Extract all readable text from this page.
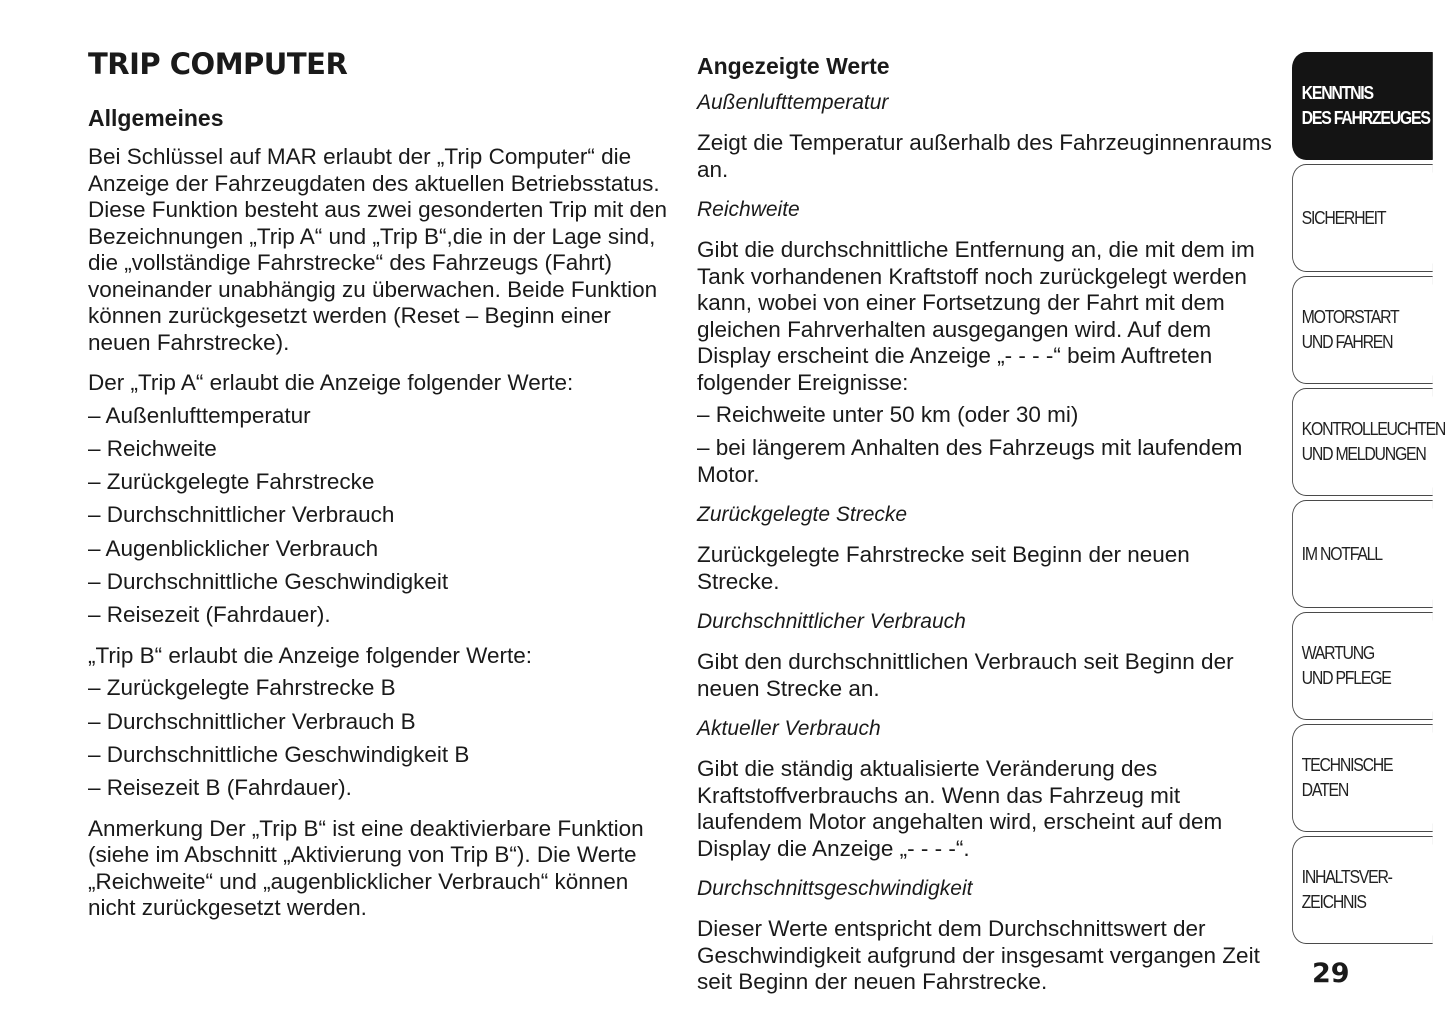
TRIP COMPUTER
Allgemeines

Bei Schlüssel auf MAR erlaubt der „Trip Computer“ die Anzeige der Fahrzeugdaten des aktuellen Betriebsstatus. Diese Funktion besteht aus zwei gesonderten Trip mit den Bezeichnungen „Trip A“ und „Trip B“,die in der Lage sind, die „vollständige Fahrstrecke“ des Fahrzeugs (Fahrt) voneinander unabhängig zu überwachen. Beide Funktion können zurückgesetzt werden (Reset – Beginn einer neuen Fahrstrecke).

Der „Trip A“ erlaubt die Anzeige folgender Werte:

– Außenlufttemperatur
– Reichweite
– Zurückgelegte Fahrstrecke
– Durchschnittlicher Verbrauch
– Augenblicklicher Verbrauch
– Durchschnittliche Geschwindigkeit
– Reisezeit (Fahrdauer).

„Trip B“ erlaubt die Anzeige folgender Werte:

– Zurückgelegte Fahrstrecke B
– Durchschnittlicher Verbrauch B
– Durchschnittliche Geschwindigkeit B
– Reisezeit B (Fahrdauer).

Anmerkung Der „Trip B“ ist eine deaktivierbare Funktion (siehe im Abschnitt „Aktivierung von Trip B“). Die Werte „Reichweite“ und „augenblicklicher Verbrauch“ können nicht zurückgesetzt werden.

Angezeigte Werte
Außenlufttemperatur

Zeigt die Temperatur außerhalb des Fahrzeuginnenraums an.

Reichweite

Gibt die durchschnittliche Entfernung an, die mit dem im Tank vorhandenen Kraftstoff noch zurückgelegt werden kann, wobei von einer Fortsetzung der Fahrt mit dem gleichen Fahrverhalten ausgegangen wird. Auf dem Display erscheint die Anzeige „- - - -“ beim Auftreten folgender Ereignisse:

– Reichweite unter 50 km (oder 30 mi)
– bei längerem Anhalten des Fahrzeugs mit laufendem Motor.
Zurückgelegte Strecke

Zurückgelegte Fahrstrecke seit Beginn der neuen Strecke.

Durchschnittlicher Verbrauch

Gibt den durchschnittlichen Verbrauch seit Beginn der neuen Strecke an.

Aktueller Verbrauch

Gibt die ständig aktualisierte Veränderung des Kraftstoffverbrauchs an. Wenn das Fahrzeug mit laufendem Motor angehalten wird, erscheint auf dem Display die Anzeige „- - - -“.

Durchschnittsgeschwindigkeit

Dieser Werte entspricht dem Durchschnittswert der Geschwindigkeit aufgrund der insgesamt vergangen Zeit seit Beginn der neuen Fahrstrecke.

KENNTNIS
DES FAHRZEUGES
SICHERHEIT
MOTORSTART
UND FAHREN
KONTROLLEUCHTEN
UND MELDUNGEN
IM NOTFALL
WARTUNG
UND PFLEGE
TECHNISCHE
DATEN
INHALTSVER-
ZEICHNIS
29
